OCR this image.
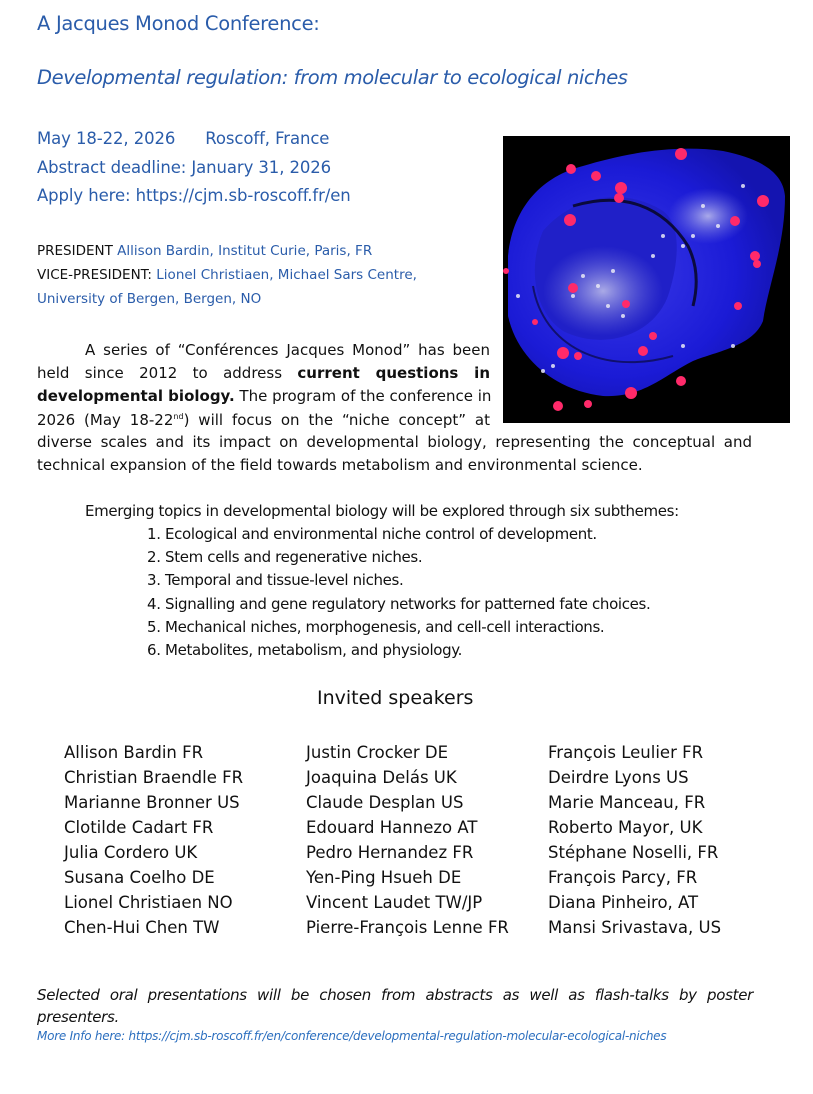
A Jacques Monod Conference:
Developmental regulation: from molecular to ecological niches
May 18-22, 2026 Roscoff, France
Abstract deadline: January 31, 2026
Apply here: https://cjm.sb-roscoff.fr/en
PRESIDENT Allison Bardin, Institut Curie, Paris, FR
VICE-PRESIDENT: Lionel Christiaen, Michael Sars Centre,
University of Bergen, Bergen, NO
A series of “Conférences Jacques Monod” has been
held since 2012 to address current questions in
developmental biology. The program of the conference in
2026 (May 18-22nd) will focus on the “niche concept” at
diverse scales and its impact on developmental biology, representing the conceptual and
technical expansion of the field towards metabolism and environmental science.
Emerging topics in developmental biology will be explored through six subthemes:
1. Ecological and environmental niche control of development.
2. Stem cells and regenerative niches.
3. Temporal and tissue-level niches.
4. Signalling and gene regulatory networks for patterned fate choices.
5. Mechanical niches, morphogenesis, and cell-cell interactions.
6. Metabolites, metabolism, and physiology.
Invited speakers
Allison Bardin FR
Christian Braendle FR
Marianne Bronner US
Clotilde Cadart FR
Julia Cordero UK
Susana Coelho DE
Lionel Christiaen NO
Chen-Hui Chen TW
Justin Crocker DE
Joaquina Delás UK
Claude Desplan US
Edouard Hannezo AT
Pedro Hernandez FR
Yen-Ping Hsueh DE
Vincent Laudet TW/JP
Pierre-François Lenne FR
François Leulier FR
Deirdre Lyons US
Marie Manceau, FR
Roberto Mayor, UK
Stéphane Noselli, FR
François Parcy, FR
Diana Pinheiro, AT
Mansi Srivastava, US
Selected oral presentations will be chosen from abstracts as well as flash-talks by poster
presenters.
More Info here: https://cjm.sb-roscoff.fr/en/conference/developmental-regulation-molecular-ecological-niches
